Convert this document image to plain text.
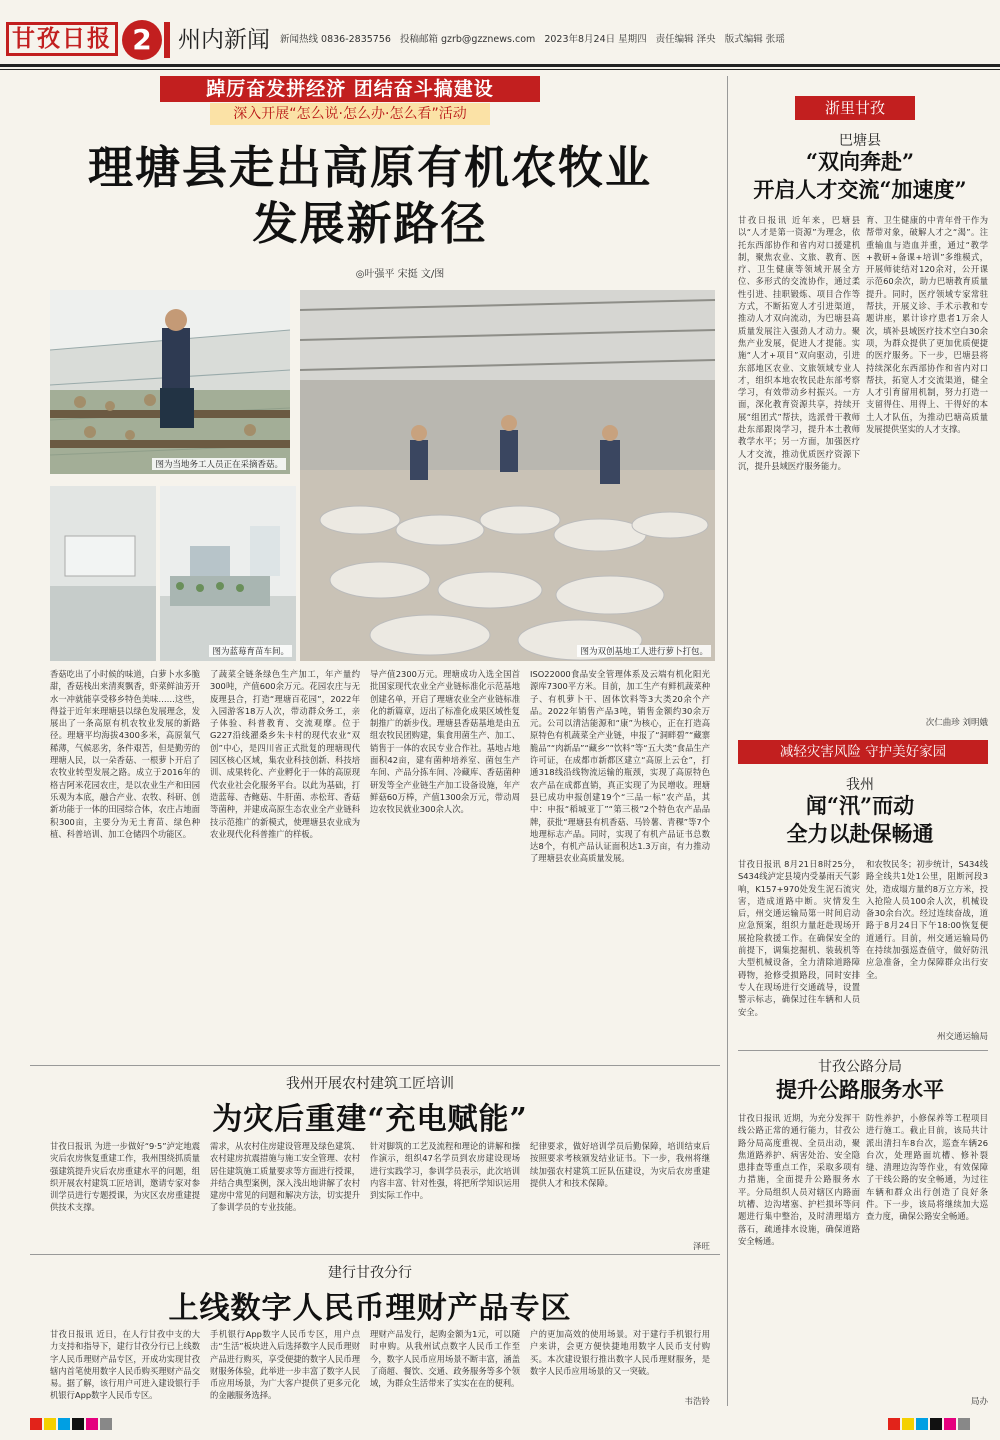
甘孜日报 2	州内新闻	新闻热线 0836-2835756 投稿邮箱 gzrb@gzznews.com 2023年8月24日 星期四 责任编辑 泽央 版式编辑 张瑶
踔厉奋发拼经济 团结奋斗搞建设
深入开展“怎么说·怎么办·怎么看”活动
理塘县走出高原有机农牧业
发展新路径
◎叶强平 宋挺 文/图
图为当地务工人员正在采摘香菇。
图为蓝莓育苗车间。	图为双创基地工人进行萝卜打包。
香菇吃出了小时候的味道，白萝卜水多脆甜，香菇栈出来清爽飘香，虾菜鲜油芳开水一冲就能享受移乡特色美味……这些，得益于近年来理塘县以绿色发展理念，发展出了一条高原有机农牧业发展的新路径。理塘平均海拔4300多米，高原氧气稀薄，气候恶劣，条件艰苦，但是勤劳的理塘人民，以一朵香菇、一根萝卜开启了农牧业转型发展之路。成立于2016年的格吉阿米花园农庄，是以农业生产和田园乐观为本底，融合产业、农牧、科研、创新功能于一体的田园综合体，农庄占地面积300亩，主要分为无土育苗、绿色种植、科普培训、加工仓储四个功能区。
了蔬菜全链条绿色生产加工，年产量约300吨，产值600余万元。花园农庄与无废理县合，打造“理塘百花园”，2022年入园游客18万人次，带动群众务工，亲子体验、科普教育、交流观摩。位于G227沿线濯桑乡朱卡村的现代农业“双创”中心，是四川省正式批复的理塘现代园区核心区域，集农业科技创新、科技培训、成果转化、产业孵化于一体的高原现代农业社会化服务平台。以此为基础，打造蓝莓、杏鲍菇、牛肝菌、赤松茸、香菇等菌种，并建成高原生态农业全产业链科技示范推广的新模式，使理塘县农业成为农业现代化科普推广的样板。
导产值2300万元。理塘成功入选全国首批国家现代农业全产业链标准化示范基地创建名单，开启了理塘农业全产业链标准化的新篇章，迈出了标准化成果区域性复制推广的新步伐。理塘县香菇基地是由五组农牧民团购建，集食用菌生产、加工、销售于一体的农民专业合作社。基地占地面积42亩，建有菌种培养室、菌包生产车间、产品分拣车间、冷藏库、香菇菌种研发等全产业链生产加工设备设施，年产鲜菇60万棒，产值1300余万元，带动周边农牧民就业300余人次。
ISO22000食品安全管理体系及云端有机化阳光源库7300平方米。目前，加工生产有鲜机蔬菜种子、有机萝卜干、固体饮料等3大类20余个产品。2022年销售产品3吨，销售金额约30余万元。公司以清洁能源和“康”为核心，正在打造高原特色有机蔬菜全产业链，申报了“洞畔碧”“藏寨脆品”“肉新品”“藏乡”“饮料”等“五大类”食品生产许可证，在成都市新都区建立“高原上云仓”，打通318线沿线物流运输的瓶颈，实现了高原特色农产品在成都直销，真正实现了为民增收。理塘县已成功申报创建19个“三品一标”农产品，其中：申报“稻城亚丁”“第三极”2个特色农产品品牌，获批“理塘县有机香菇、马铃薯、青稞”等7个地理标志产品。同时，实现了有机产品证书总数达8个，有机产品认证面积达1.3万亩，有力推动了理塘县农业高质量发展。
我州开展农村建筑工匠培训
为灾后重建“充电赋能”
甘孜日报讯 为进一步做好“9·5”泸定地震灾后农房恢复重建工作，我州围绕抓质量强建筑提升灾后农房重建水平的问题，组织开展农村建筑工匠培训，邀请专家对参训学员进行专题授课，为灾区农房重建提供技术支撑。
需求，从农村住房建设管理及绿色建筑、农村建房抗震措施与施工安全管理、农村居住建筑施工质量要求等方面进行授课，并结合典型案例，深入浅出地讲解了农村建房中常见的问题和解决方法，切实提升了参训学员的专业技能。
针对脚筑的工艺及流程和理论的讲解和操作演示，组织47名学员到农房建设现场进行实践学习，参训学员表示，此次培训内容丰富、针对性强，将把所学知识运用到实际工作中。
纪律要求，做好培训学员后勤保障，培训结束后按照要求考核颁发结业证书。下一步，我州将继续加强农村建筑工匠队伍建设，为灾后农房重建提供人才和技术保障。
泽旺
建行甘孜分行
上线数字人民币理财产品专区
甘孜日报讯 近日，在人行甘孜中支的大力支持和指导下，建行甘孜分行已上线数字人民币理财产品专区，开成功实现甘孜辖内首笔使用数字人民币购买理财产品交易。据了解，该行用户可进入建设银行手机银行App数字人民币专区。
手机银行App数字人民币专区，用户点击“生活”板块进入后选择数字人民币理财产品进行购买，享受便捷的数字人民币理财服务体验，此举进一步丰富了数字人民币应用场景，为广大客户提供了更多元化的金融服务选择。
理财产品发行，起购金额为1元，可以随时申购。从我州试点数字人民币工作至今，数字人民币应用场景不断丰富，涵盖了商超、餐饮、交通、政务服务等多个领域，为群众生活带来了实实在在的便利。
户的更加高效的使用场景。对于建行手机银行用户来讲，会更方便快捷地用数字人民币支付购买。本次建设银行推出数字人民币理财服务，是数字人民币应用场景的又一突破。
韦浩铃
浙里甘孜
巴塘县
“双向奔赴”
开启人才交流“加速度”
甘孜日报讯 近年来，巴塘县以“人才是第一资源”为理念，依托东西部协作和省内对口援建机制，聚焦农业、文旅、教育、医疗、卫生健康等领域开展全方位、多形式的交流协作，通过柔性引进、挂职锻炼、项目合作等方式，不断拓宽人才引进渠道，推动人才双向流动，为巴塘县高质量发展注入强劲人才动力。聚焦产业发展，促进人才提能。实施“人才+项目”双向驱动，引进东部地区农业、文旅领域专业人才，组织本地农牧民赴东部考察学习，有效带动乡村振兴。一方面，深化教育资源共享，持续开展“组团式”帮扶，选派骨干教师赴东部跟岗学习，提升本土教师教学水平；另一方面，加强医疗人才交流，推动优质医疗资源下沉，提升县域医疗服务能力。
育、卫生健康的中青年骨干作为帮带对象，破解人才之“渴”。注重输血与造血并重，通过“教学+教研+备课+培训”多维模式，开展师徒结对120余对，公开课示范60余次，助力巴塘教育质量提升。同时，医疗领域专家常驻帮扶，开展义诊、手术示教和专题讲座，累计诊疗患者1万余人次，填补县域医疗技术空白30余项，为群众提供了更加优质便捷的医疗服务。下一步，巴塘县将持续深化东西部协作和省内对口帮扶，拓宽人才交流渠道，健全人才引育留用机制，努力打造一支留得住、用得上、干得好的本土人才队伍，为推动巴塘高质量发展提供坚实的人才支撑。
次仁曲珍 刘明娥
减轻灾害风险 守护美好家园
我州
闻“汛”而动
全力以赴保畅通
甘孜日报讯 8月21日8时25分，S434线泸定县境内受暴雨天气影响，K157+970处发生泥石流灾害，造成道路中断。灾情发生后，州交通运输局第一时间启动应急预案，组织力量赶赴现场开展抢险救援工作。在确保安全的前提下，调集挖掘机、装载机等大型机械设备，全力清除道路障碍物，抢修受损路段，同时安排专人在现场进行交通疏导，设置警示标志，确保过往车辆和人员安全。
和农牧民冬；初步统计，S434线路全线共1处1公里，阻断河段3处，造成塌方量约8万立方米，投入抢险人员100余人次，机械设备30余台次。经过连续奋战，道路于8月24日下午18:00恢复便道通行。目前，州交通运输局仍在持续加强巡查值守，做好防汛应急准备，全力保障群众出行安全。
州交通运输局
甘孜公路分局
提升公路服务水平
甘孜日报讯 近期，为充分发挥干线公路正常的通行能力，甘孜公路分局高度重视、全员出动，聚焦道路养护、病害处治、安全隐患排查等重点工作，采取多项有力措施，全面提升公路服务水平。分局组织人员对辖区内路面坑槽、边沟堵塞、护栏损坏等问题进行集中整治，及时清理塌方落石，疏通排水设施，确保道路安全畅通。
防性养护，小修保养等工程项目进行施工。截止目前，该局共计派出清扫车8台次，巡查车辆26台次，处理路面坑槽、修补裂缝、清理边沟等作业，有效保障了干线公路的安全畅通，为过往车辆和群众出行创造了良好条件。下一步，该局将继续加大巡查力度，确保公路安全畅通。
局办
